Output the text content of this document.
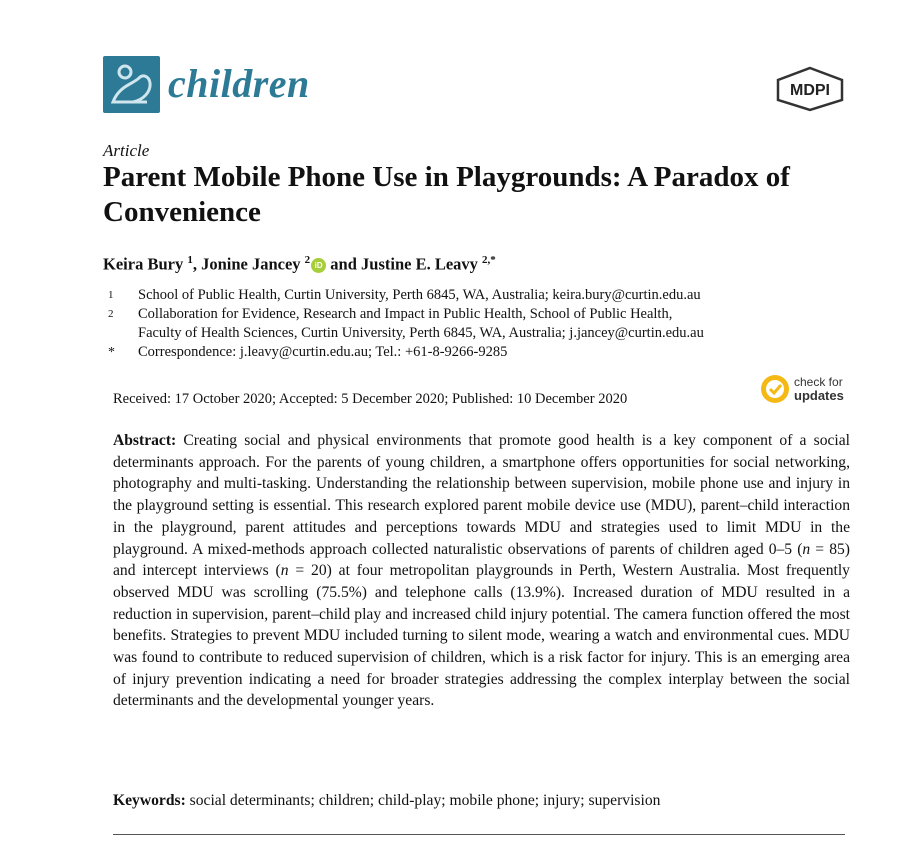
children	MDPI
Article
Parent Mobile Phone Use in Playgrounds: A Paradox of Convenience
Keira Bury $^1$, Jonine Jancey $^2$ iD and Justine E. Leavy $^{2,*}$
1	School of Public Health, Curtin University, Perth 6845, WA, Australia; keira.bury@curtin.edu.au
2	Collaboration for Evidence, Research and Impact in Public Health, School of Public Health,
Faculty of Health Sciences, Curtin University, Perth 6845, WA, Australia; j.jancey@curtin.edu.au
*	Correspondence: j.leavy@curtin.edu.au; Tel.: +61-8-9266-9285
Received: 17 October 2020; Accepted: 5 December 2020; Published: 10 December 2020
check for
updates
Abstract: Creating social and physical environments that promote good health is a key component of a social determinants approach. For the parents of young children, a smartphone offers opportunities for social networking, photography and multi-tasking. Understanding the relationship between supervision, mobile phone use and injury in the playground setting is essential. This research explored parent mobile device use (MDU), parent–child interaction in the playground, parent attitudes and perceptions towards MDU and strategies used to limit MDU in the playground. A mixed-methods approach collected naturalistic observations of parents of children aged 0–5 (n = 85) and intercept interviews (n = 20) at four metropolitan playgrounds in Perth, Western Australia. Most frequently observed MDU was scrolling (75.5%) and telephone calls (13.9%). Increased duration of MDU resulted in a reduction in supervision, parent–child play and increased child injury potential. The camera function offered the most benefits. Strategies to prevent MDU included turning to silent mode, wearing a watch and environmental cues. MDU was found to contribute to reduced supervision of children, which is a risk factor for injury. This is an emerging area of injury prevention indicating a need for broader strategies addressing the complex interplay between the social determinants and the developmental younger years.
Keywords: social determinants; children; child-play; mobile phone; injury; supervision
